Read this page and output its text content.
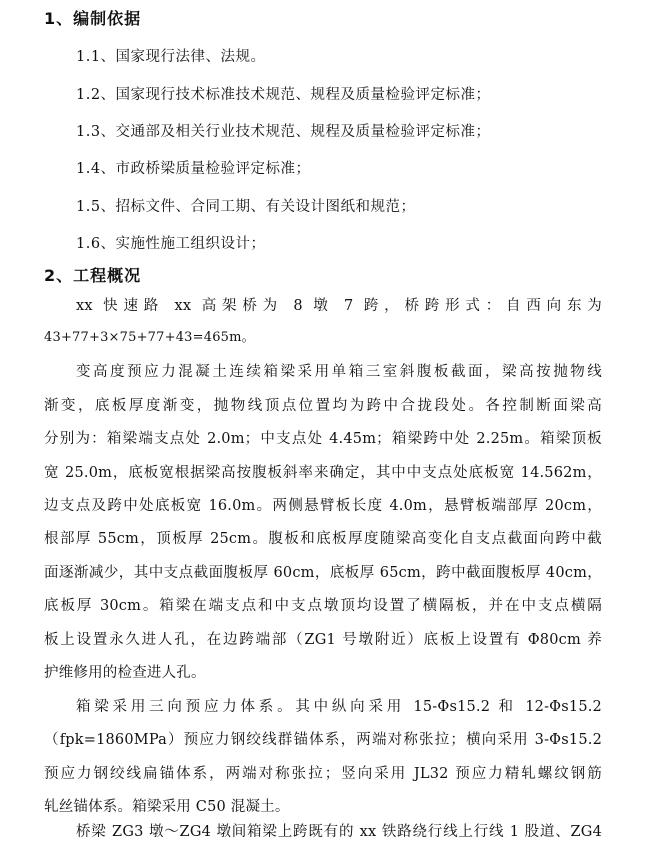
1、编制依据
1.1、国家现行法律、法规。
1.2、国家现行技术标准技术规范、规程及质量检验评定标准；
1.3、交通部及相关行业技术规范、规程及质量检验评定标准；
1.4、市政桥梁质量检验评定标准；
1.5、招标文件、合同工期、有关设计图纸和规范；
1.6、实施性施工组织设计；
2、工程概况
xx 快速路 xx 高架桥为 8 墩 7 跨，桥跨形式：自西向东为
43+77+3×75+77+43=465m。
变高度预应力混凝土连续箱梁采用单箱三室斜腹板截面，梁高按抛物线
渐变，底板厚度渐变，抛物线顶点位置均为跨中合拢段处。各控制断面梁高
分别为：箱梁端支点处 2.0m；中支点处 4.45m；箱梁跨中处 2.25m。箱梁顶板
宽 25.0m，底板宽根据梁高按腹板斜率来确定，其中中支点处底板宽 14.562m，
边支点及跨中处底板宽 16.0m。两侧悬臂板长度 4.0m，悬臂板端部厚 20cm，
根部厚 55cm，顶板厚 25cm。腹板和底板厚度随梁高变化自支点截面向跨中截
面逐渐减少，其中支点截面腹板厚 60cm，底板厚 65cm，跨中截面腹板厚 40cm，
底板厚 30cm。箱梁在端支点和中支点墩顶均设置了横隔板，并在中支点横隔
板上设置永久进人孔，在边跨端部（ZG1 号墩附近）底板上设置有 Φ80cm 养
护维修用的检查进人孔。
箱梁采用三向预应力体系。其中纵向采用 15-Φs15.2 和 12-Φs15.2
（fpk=1860MPa）预应力钢绞线群锚体系，两端对称张拉；横向采用 3-Φs15.2
预应力钢绞线扁锚体系，两端对称张拉；竖向采用 JL32 预应力精轧螺纹钢筋
轧丝锚体系。箱梁采用 C50 混凝土。
桥梁 ZG3 墩～ZG4 墩间箱梁上跨既有的 xx 铁路绕行线上行线 1 股道、ZG4
